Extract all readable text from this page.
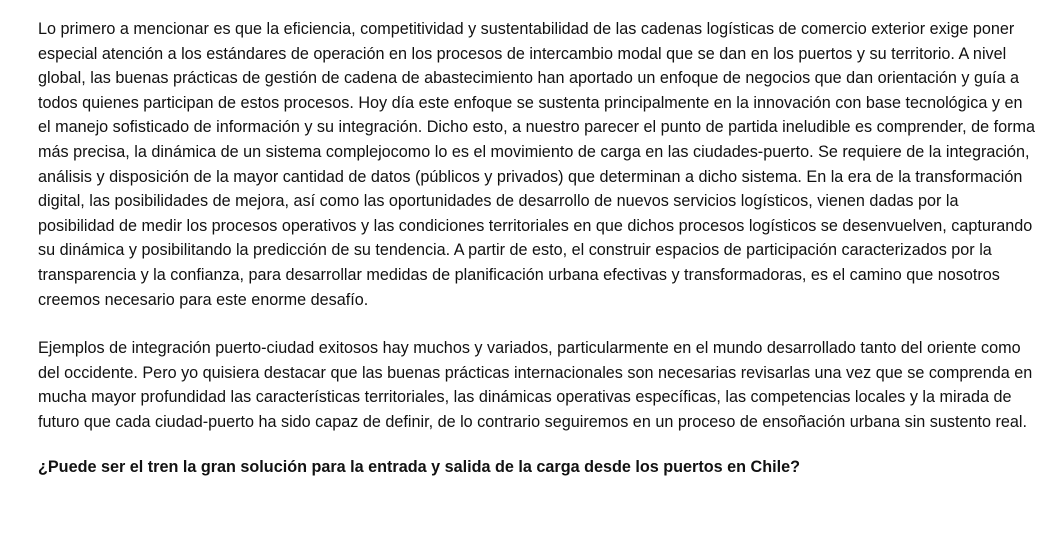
Lo primero a mencionar es que la eficiencia, competitividad y sustentabilidad de las cadenas logísticas de comercio exterior exige poner especial atención a los estándares de operación en los procesos de intercambio modal que se dan en los puertos y su territorio. A nivel global, las buenas prácticas de gestión de cadena de abastecimiento han aportado un enfoque de negocios que dan orientación y guía a todos quienes participan de estos procesos. Hoy día este enfoque se sustenta principalmente en la innovación con base tecnológica y en el manejo sofisticado de información y su integración. Dicho esto, a nuestro parecer el punto de partida ineludible es comprender, de forma más precisa, la dinámica de un sistema complejocomo lo es el movimiento de carga en las ciudades-puerto. Se requiere de la integración, análisis y disposición de la mayor cantidad de datos (públicos y privados) que determinan a dicho sistema. En la era de la transformación digital, las posibilidades de mejora, así como las oportunidades de desarrollo de nuevos servicios logísticos, vienen dadas por la posibilidad de medir los procesos operativos y las condiciones territoriales en que dichos procesos logísticos se desenvuelven, capturando su dinámica y posibilitando la predicción de su tendencia. A partir de esto, el construir espacios de participación caracterizados por la transparencia y la confianza, para desarrollar medidas de planificación urbana efectivas y transformadoras, es el camino que nosotros creemos necesario para este enorme desafío.

Ejemplos de integración puerto-ciudad exitosos hay muchos y variados, particularmente en el mundo desarrollado tanto del oriente como del occidente. Pero yo quisiera destacar que las buenas prácticas internacionales son necesarias revisarlas una vez que se comprenda en mucha mayor profundidad las características territoriales, las dinámicas operativas específicas, las competencias locales y la mirada de futuro que cada ciudad-puerto ha sido capaz de definir, de lo contrario seguiremos en un proceso de ensoñación urbana sin sustento real.

¿Puede ser el tren la gran solución para la entrada y salida de la carga desde los puertos en Chile?
